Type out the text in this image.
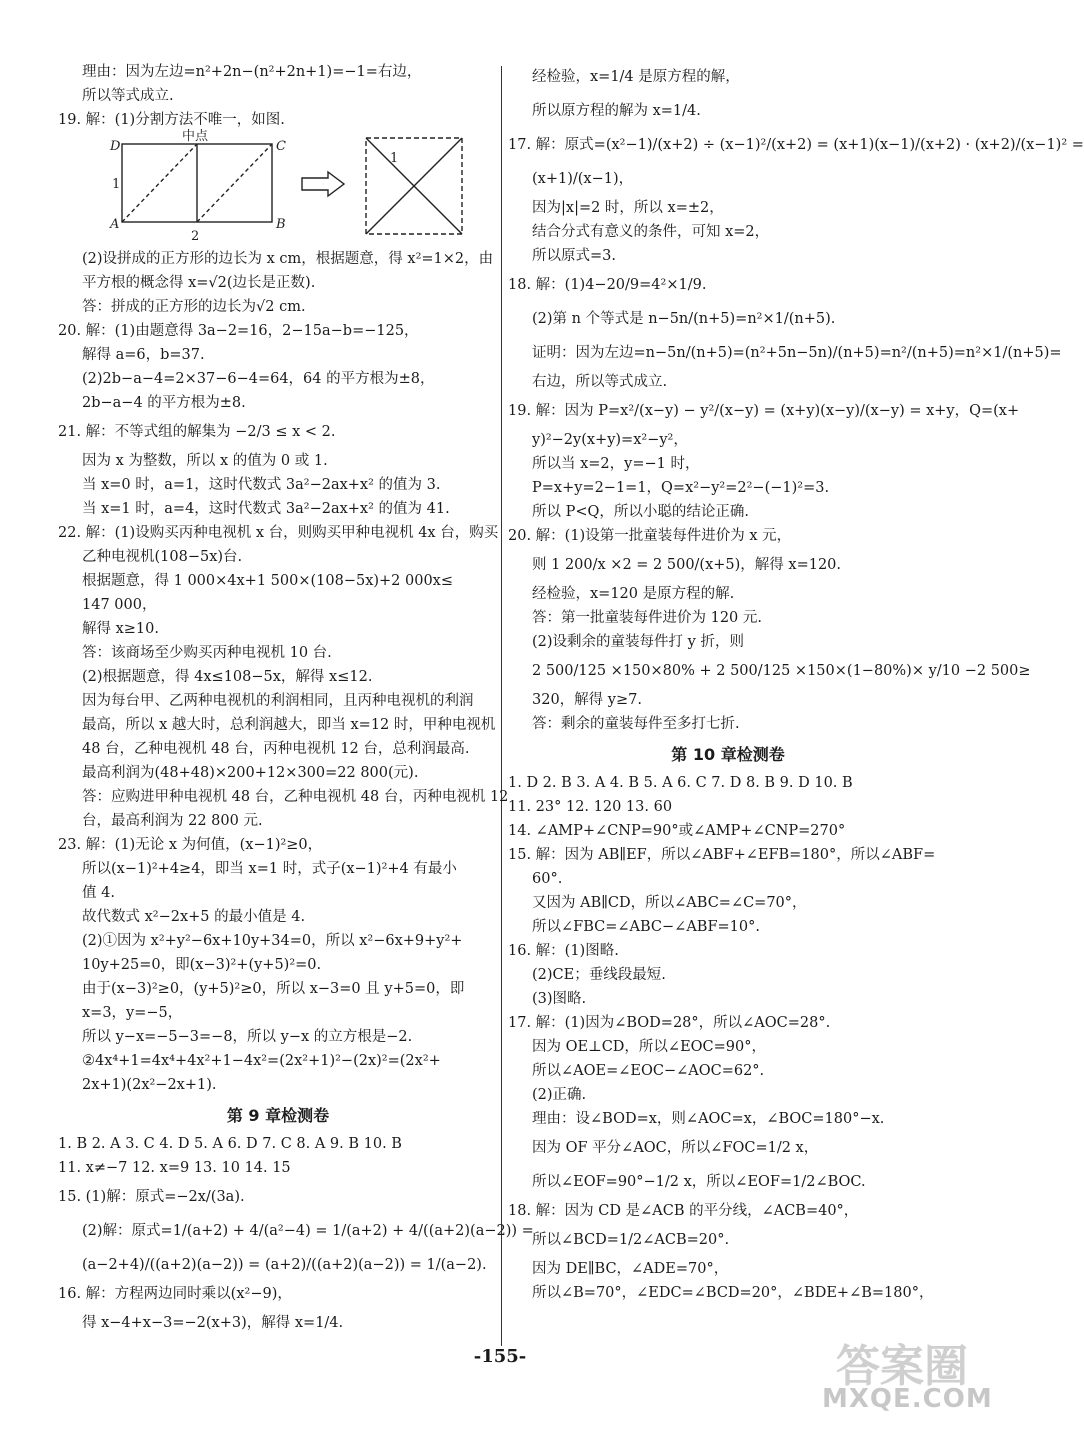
理由：因为左边=n²+2n−(n²+2n+1)=−1=右边，
所以等式成立.
19. 解：(1)分割方法不唯一，如图.
D	C
A	B
中点
1
2
1
(2)设拼成的正方形的边长为 x cm，根据题意，得 x²=1×2，由
平方根的概念得 x=√2(边长是正数).
答：拼成的正方形的边长为√2 cm.
20. 解：(1)由题意得 3a−2=16，2−15a−b=−125，
解得 a=6，b=37.
(2)2b−a−4=2×37−6−4=64，64 的平方根为±8，
2b−a−4 的平方根为±8.
21. 解：不等式组的解集为 −2/3 ≤ x < 2.
因为 x 为整数，所以 x 的值为 0 或 1.
当 x=0 时，a=1，这时代数式 3a²−2ax+x² 的值为 3.
当 x=1 时，a=4，这时代数式 3a²−2ax+x² 的值为 41.
22. 解：(1)设购买丙种电视机 x 台，则购买甲种电视机 4x 台，购买
乙种电视机(108−5x)台.
根据题意，得 1 000×4x+1 500×(108−5x)+2 000x≤
147 000，
解得 x≥10.
答：该商场至少购买丙种电视机 10 台.
(2)根据题意，得 4x≤108−5x，解得 x≤12.
因为每台甲、乙两种电视机的利润相同，且丙种电视机的利润
最高，所以 x 越大时，总利润越大，即当 x=12 时，甲种电视机
48 台，乙种电视机 48 台，丙种电视机 12 台，总利润最高.
最高利润为(48+48)×200+12×300=22 800(元).
答：应购进甲种电视机 48 台，乙种电视机 48 台，丙种电视机 12
台，最高利润为 22 800 元.
23. 解：(1)无论 x 为何值，(x−1)²≥0，
所以(x−1)²+4≥4，即当 x=1 时，式子(x−1)²+4 有最小
值 4.
故代数式 x²−2x+5 的最小值是 4.
(2)①因为 x²+y²−6x+10y+34=0，所以 x²−6x+9+y²+
10y+25=0，即(x−3)²+(y+5)²=0.
由于(x−3)²≥0，(y+5)²≥0，所以 x−3=0 且 y+5=0，即
x=3，y=−5，
所以 y−x=−5−3=−8，所以 y−x 的立方根是−2.
②4x⁴+1=4x⁴+4x²+1−4x²=(2x²+1)²−(2x)²=(2x²+
2x+1)(2x²−2x+1).
第 9 章检测卷
1. B 2. A 3. C 4. D 5. A 6. D 7. C 8. A 9. B 10. B
11. x≠−7 12. x=9 13. 10 14. 15
15. (1)解：原式=−2x/(3a).
(2)解：原式=1/(a+2) + 4/(a²−4) = 1/(a+2) + 4/((a+2)(a−2)) =
(a−2+4)/((a+2)(a−2)) = (a+2)/((a+2)(a−2)) = 1/(a−2).
16. 解：方程两边同时乘以(x²−9)，
得 x−4+x−3=−2(x+3)，解得 x=1/4.
经检验，x=1/4 是原方程的解，
所以原方程的解为 x=1/4.
17. 解：原式=(x²−1)/(x+2) ÷ (x−1)²/(x+2) = (x+1)(x−1)/(x+2) · (x+2)/(x−1)² =
(x+1)/(x−1)，
因为|x|=2 时，所以 x=±2，
结合分式有意义的条件，可知 x=2，
所以原式=3.
18. 解：(1)4−20/9=4²×1/9.
(2)第 n 个等式是 n−5n/(n+5)=n²×1/(n+5).
证明：因为左边=n−5n/(n+5)=(n²+5n−5n)/(n+5)=n²/(n+5)=n²×1/(n+5)=
右边，所以等式成立.
19. 解：因为 P=x²/(x−y) − y²/(x−y) = (x+y)(x−y)/(x−y) = x+y，Q=(x+
y)²−2y(x+y)=x²−y²，
所以当 x=2，y=−1 时，
P=x+y=2−1=1，Q=x²−y²=2²−(−1)²=3.
所以 P<Q，所以小聪的结论正确.
20. 解：(1)设第一批童装每件进价为 x 元，
则 1 200/x ×2 = 2 500/(x+5)，解得 x=120.
经检验，x=120 是原方程的解.
答：第一批童装每件进价为 120 元.
(2)设剩余的童装每件打 y 折，则
2 500/125 ×150×80% + 2 500/125 ×150×(1−80%)× y/10 −2 500≥
320，解得 y≥7.
答：剩余的童装每件至多打七折.
第 10 章检测卷
1. D 2. B 3. A 4. B 5. A 6. C 7. D 8. B 9. D 10. B
11. 23° 12. 120 13. 60
14. ∠AMP+∠CNP=90°或∠AMP+∠CNP=270°
15. 解：因为 AB∥EF，所以∠ABF+∠EFB=180°，所以∠ABF=
60°.
又因为 AB∥CD，所以∠ABC=∠C=70°，
所以∠FBC=∠ABC−∠ABF=10°.
16. 解：(1)图略.
(2)CE；垂线段最短.
(3)图略.
17. 解：(1)因为∠BOD=28°，所以∠AOC=28°.
因为 OE⊥CD，所以∠EOC=90°，
所以∠AOE=∠EOC−∠AOC=62°.
(2)正确.
理由：设∠BOD=x，则∠AOC=x，∠BOC=180°−x.
因为 OF 平分∠AOC，所以∠FOC=1/2 x，
所以∠EOF=90°−1/2 x，所以∠EOF=1/2∠BOC.
18. 解：因为 CD 是∠ACB 的平分线，∠ACB=40°，
所以∠BCD=1/2∠ACB=20°.
因为 DE∥BC，∠ADE=70°，
所以∠B=70°，∠EDC=∠BCD=20°，∠BDE+∠B=180°，
-155-	答案圈
MXQE.COM
